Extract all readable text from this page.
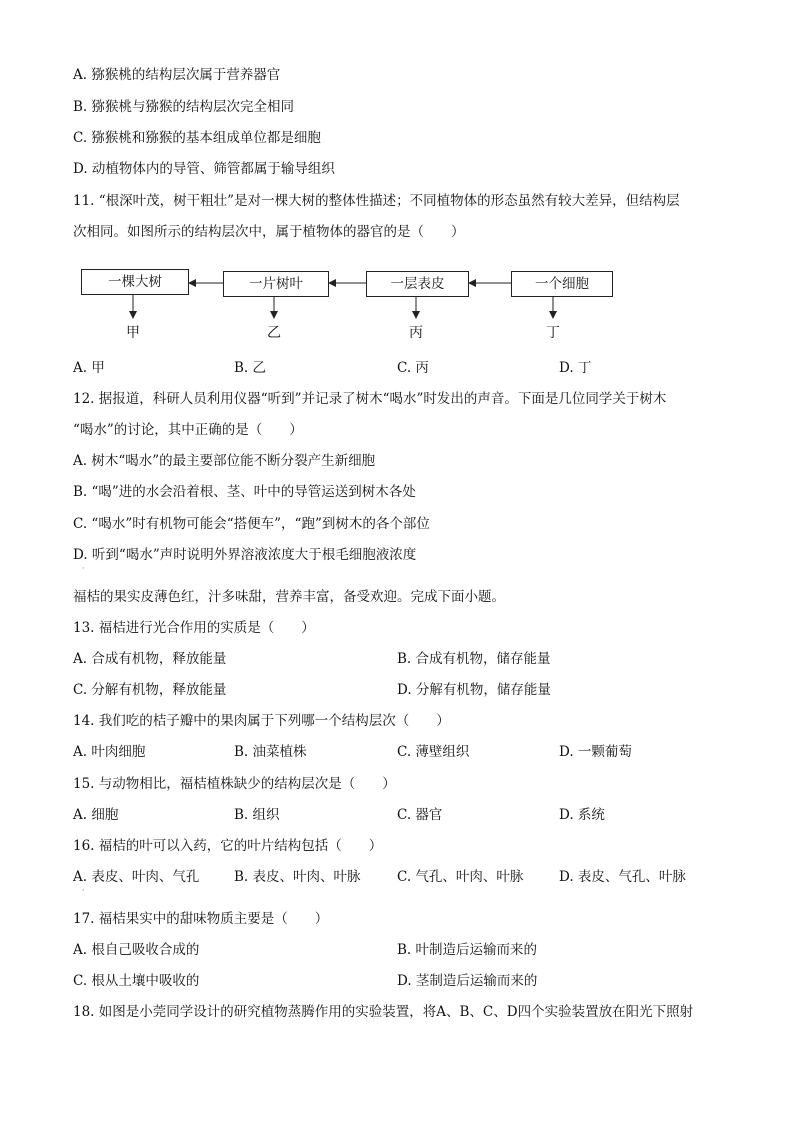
A. 猕猴桃的结构层次属于营养器官
B. 猕猴桃与猕猴的结构层次完全相同
C. 猕猴桃和猕猴的基本组成单位都是细胞
D. 动植物体内的导管、筛管都属于输导组织
11. “根深叶茂，树干粗壮”是对一棵大树的整体性描述；不同植物体的形态虽然有较大差异，但结构层
次相同。如图所示的结构层次中，属于植物体的器官的是（　　）
一棵大树	一片树叶	一层表皮	一个细胞
甲	乙	丙	丁
A. 甲	B. 乙	C. 丙	D. 丁
12. 据报道，科研人员利用仪器“听到”并记录了树木“喝水”时发出的声音。下面是几位同学关于树木
“喝水”的讨论，其中正确的是（　　）
A. 树木“喝水”的最主要部位能不断分裂产生新细胞
B. “喝”进的水会沿着根、茎、叶中的导管运送到树木各处
C. “喝水”时有机物可能会“搭便车”，“跑”到树木的各个部位
D. 听到“喝水”声时说明外界溶液浓度大于根毛细胞液浓度
·
福桔的果实皮薄色红，汁多味甜，营养丰富，备受欢迎。完成下面小题。
13. 福桔进行光合作用的实质是（　　）
A. 合成有机物，释放能量	B. 合成有机物，储存能量
C. 分解有机物，释放能量	D. 分解有机物，储存能量
14. 我们吃的桔子瓣中的果肉属于下列哪一个结构层次（　　）
A. 叶肉细胞	B. 油菜植株	C. 薄壁组织	D. 一颗葡萄
15. 与动物相比，福桔植株缺少的结构层次是（　　）
A. 细胞	B. 组织	C. 器官	D. 系统
16. 福桔的叶可以入药，它的叶片结构包括（　　）
A. 表皮、叶肉、气孔	B. 表皮、叶肉、叶脉	C. 气孔、叶肉、叶脉	D. 表皮、气孔、叶脉
·
17. 福桔果实中的甜味物质主要是（　　）
A. 根自己吸收合成的	B. 叶制造后运输而来的
C. 根从土壤中吸收的	D. 茎制造后运输而来的
18. 如图是小莞同学设计的研究植物蒸腾作用的实验装置，将A、B、C、D四个实验装置放在阳光下照射
